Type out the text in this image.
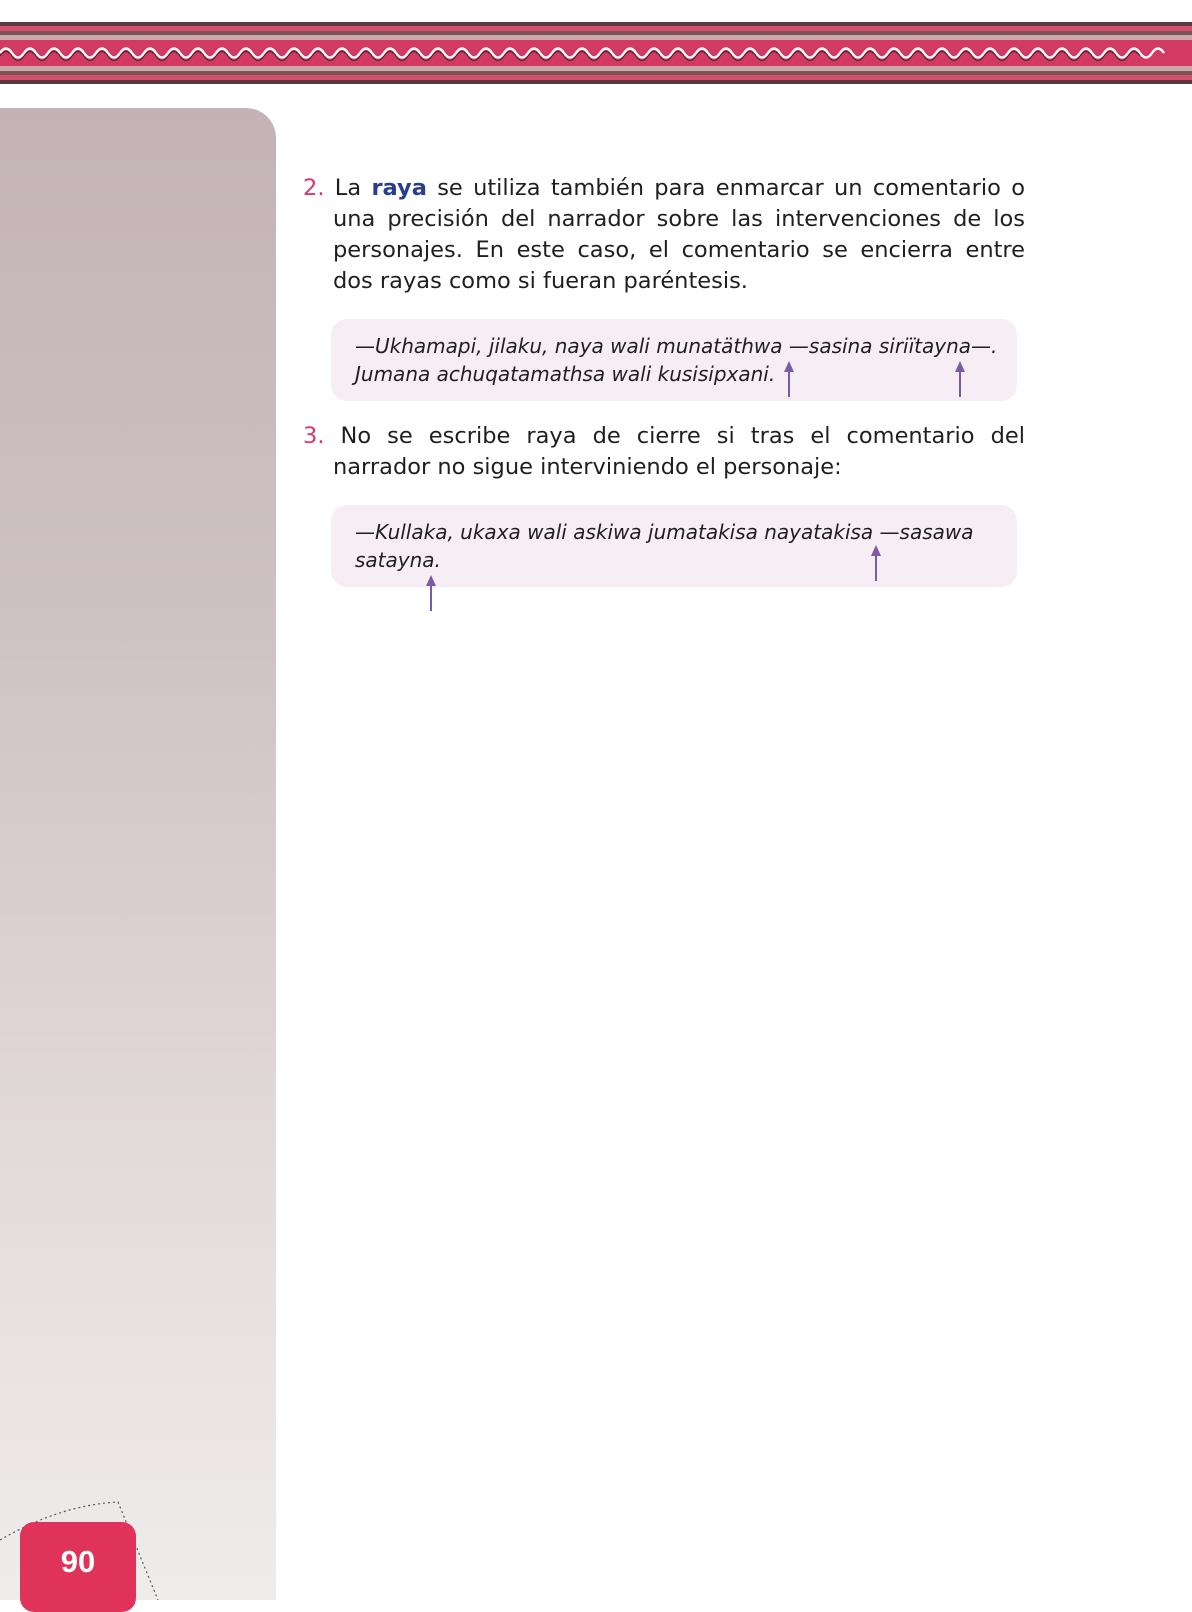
90

2. La raya se utiliza también para enmarcar un comentario o una precisión del narrador sobre las intervenciones de los personajes. En este caso, el comentario se encierra entre dos rayas como si fueran paréntesis.

—Ukhamapi, jilaku, naya wali munatäthwa —sasina siriïtayna—.
Jumana achuqatamathsa wali kusisipxani.

3. No se escribe raya de cierre si tras el comentario del narrador no sigue interviniendo el personaje:

—Kullaka, ukaxa wali askiwa jumatakisa nayatakisa —sasawa
satayna.
